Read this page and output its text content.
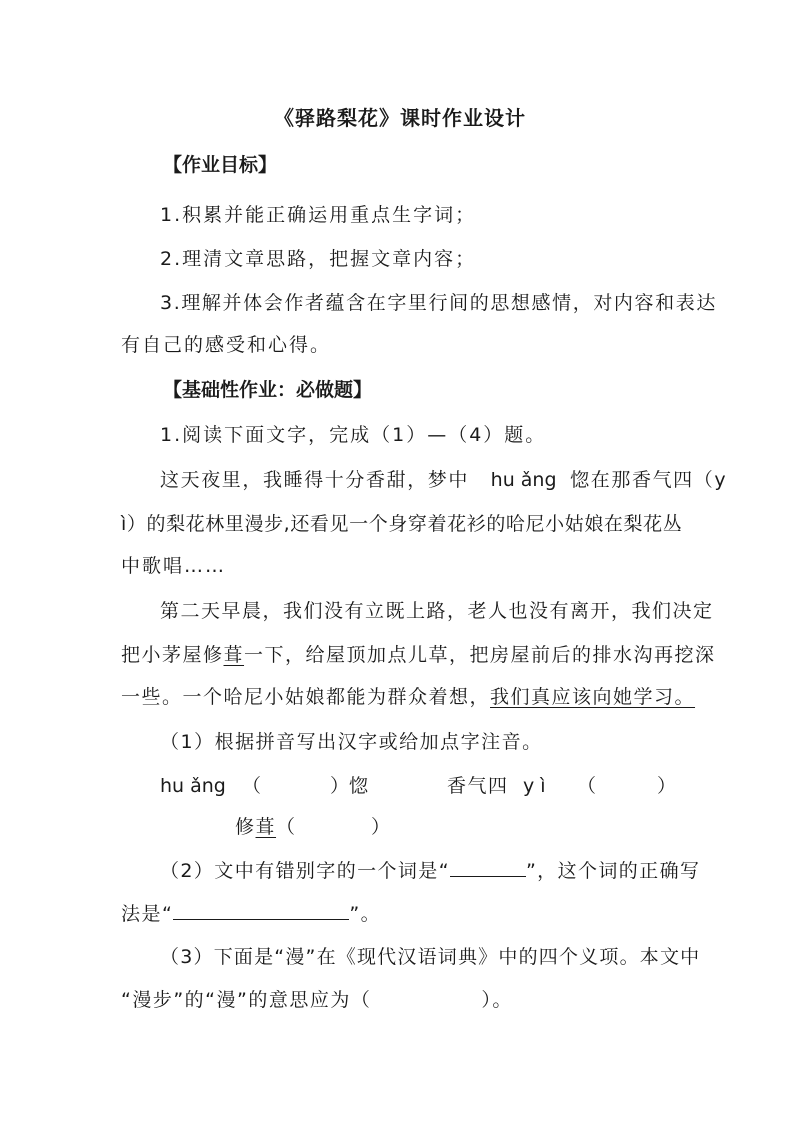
《驿路梨花》课时作业设计
【作业目标】
1.积累并能正确运用重点生字词；
2.理清文章思路，把握文章内容；
3.理解并体会作者蕴含在字里行间的思想感情，对内容和表达
有自己的感受和心得。
【基础性作业：必做题】
1.阅读下面文字，完成（1）—（4）题。
这天夜里，我睡得十分香甜，梦中 hu ǎng 惚在那香气四（y
ì）的梨花林里漫步,还看见一个身穿着花衫的哈尼小姑娘在梨花丛
中歌唱……
第二天早晨，我们没有立既上路，老人也没有离开，我们决定
把小茅屋修葺一下，给屋顶加点儿草，把房屋前后的排水沟再挖深
一些。一个哈尼小姑娘都能为群众着想，我们真应该向她学习。
（1）根据拼音写出汉字或给加点字注音。
hu ǎng （	）惚	香气四 y ì （	）
修葺（	）
（2）文中有错别字的一个词是“	”，这个词的正确写
法是“	”。
（3）下面是“漫”在《现代汉语词典》中的四个义项。本文中
“漫步”的“漫”的意思应为（	）。
